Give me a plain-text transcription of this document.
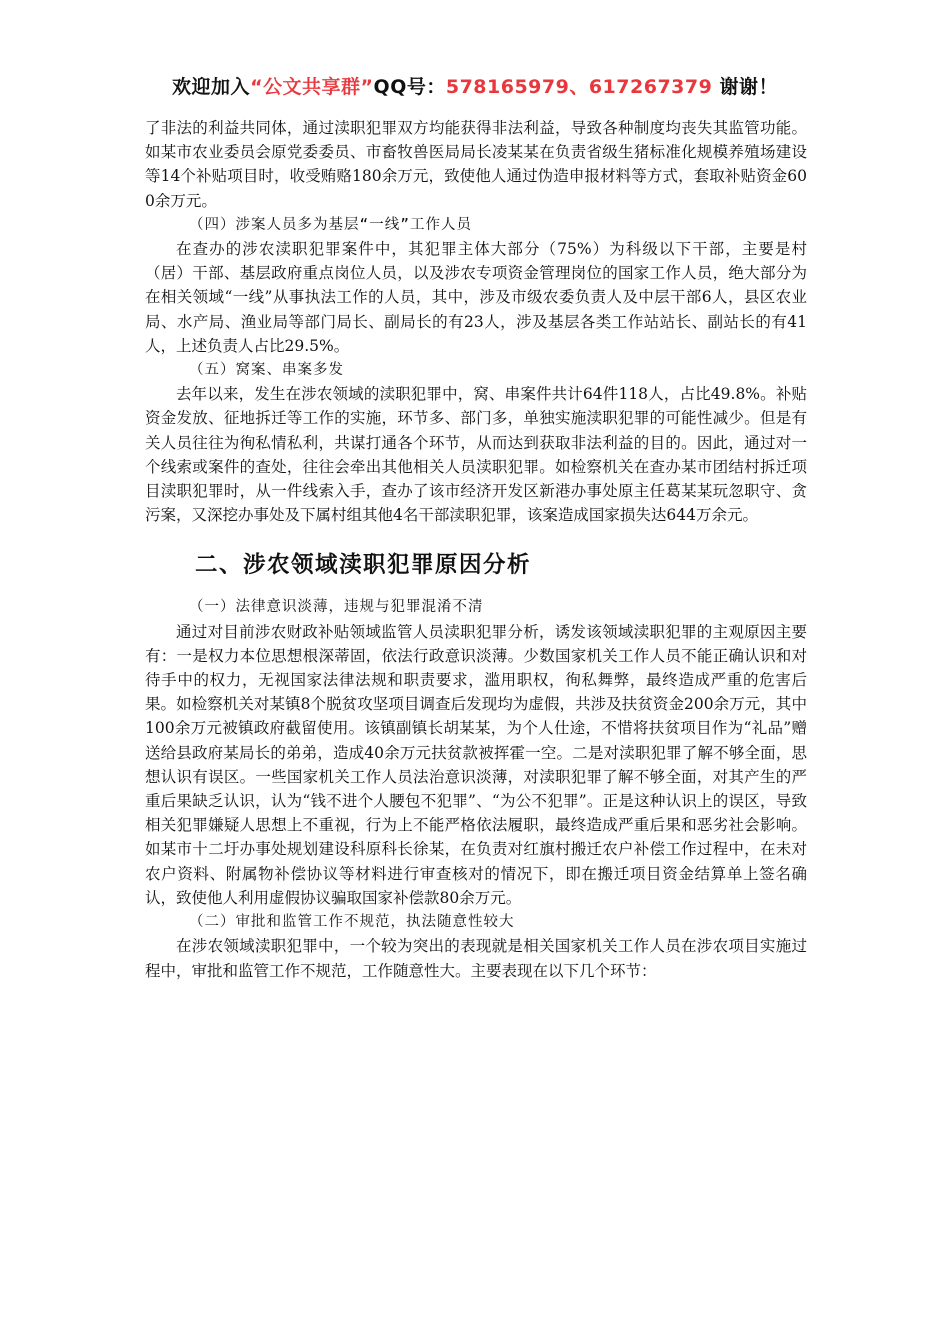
欢迎加入“公文共享群”QQ号：578165979、617267379 谢谢！

了非法的利益共同体，通过渎职犯罪双方均能获得非法利益，导致各种制度均丧失其监管功能。如某市农业委员会原党委委员、市畜牧兽医局局长凌某某在负责省级生猪标准化规模养殖场建设等14个补贴项目时，收受贿赂180余万元，致使他人通过伪造申报材料等方式，套取补贴资金600余万元。

（四）涉案人员多为基层“一线”工作人员

在查办的涉农渎职犯罪案件中，其犯罪主体大部分（75%）为科级以下干部，主要是村（居）干部、基层政府重点岗位人员，以及涉农专项资金管理岗位的国家工作人员，绝大部分为在相关领域“一线”从事执法工作的人员，其中，涉及市级农委负责人及中层干部6人，县区农业局、水产局、渔业局等部门局长、副局长的有23人，涉及基层各类工作站站长、副站长的有41人，上述负责人占比29.5%。

（五）窝案、串案多发

去年以来，发生在涉农领域的渎职犯罪中，窝、串案件共计64件118人，占比49.8%。补贴资金发放、征地拆迁等工作的实施，环节多、部门多，单独实施渎职犯罪的可能性减少。但是有关人员往往为徇私情私利，共谋打通各个环节，从而达到获取非法利益的目的。因此，通过对一个线索或案件的查处，往往会牵出其他相关人员渎职犯罪。如检察机关在查办某市团结村拆迁项目渎职犯罪时，从一件线索入手，查办了该市经济开发区新港办事处原主任葛某某玩忽职守、贪污案，又深挖办事处及下属村组其他4名干部渎职犯罪，该案造成国家损失达644万余元。

二、涉农领域渎职犯罪原因分析

（一）法律意识淡薄，违规与犯罪混淆不清

通过对目前涉农财政补贴领域监管人员渎职犯罪分析，诱发该领域渎职犯罪的主观原因主要有：一是权力本位思想根深蒂固，依法行政意识淡薄。少数国家机关工作人员不能正确认识和对待手中的权力，无视国家法律法规和职责要求，滥用职权，徇私舞弊，最终造成严重的危害后果。如检察机关对某镇8个脱贫攻坚项目调查后发现均为虚假，共涉及扶贫资金200余万元，其中100余万元被镇政府截留使用。该镇副镇长胡某某，为个人仕途，不惜将扶贫项目作为“礼品”赠送给县政府某局长的弟弟，造成40余万元扶贫款被挥霍一空。二是对渎职犯罪了解不够全面，思想认识有误区。一些国家机关工作人员法治意识淡薄，对渎职犯罪了解不够全面，对其产生的严重后果缺乏认识，认为“钱不进个人腰包不犯罪”、“为公不犯罪”。正是这种认识上的误区，导致相关犯罪嫌疑人思想上不重视，行为上不能严格依法履职，最终造成严重后果和恶劣社会影响。如某市十二圩办事处规划建设科原科长徐某，在负责对红旗村搬迁农户补偿工作过程中，在未对农户资料、附属物补偿协议等材料进行审查核对的情况下，即在搬迁项目资金结算单上签名确认，致使他人利用虚假协议骗取国家补偿款80余万元。

（二）审批和监管工作不规范，执法随意性较大

在涉农领域渎职犯罪中，一个较为突出的表现就是相关国家机关工作人员在涉农项目实施过程中，审批和监管工作不规范，工作随意性大。主要表现在以下几个环节：
